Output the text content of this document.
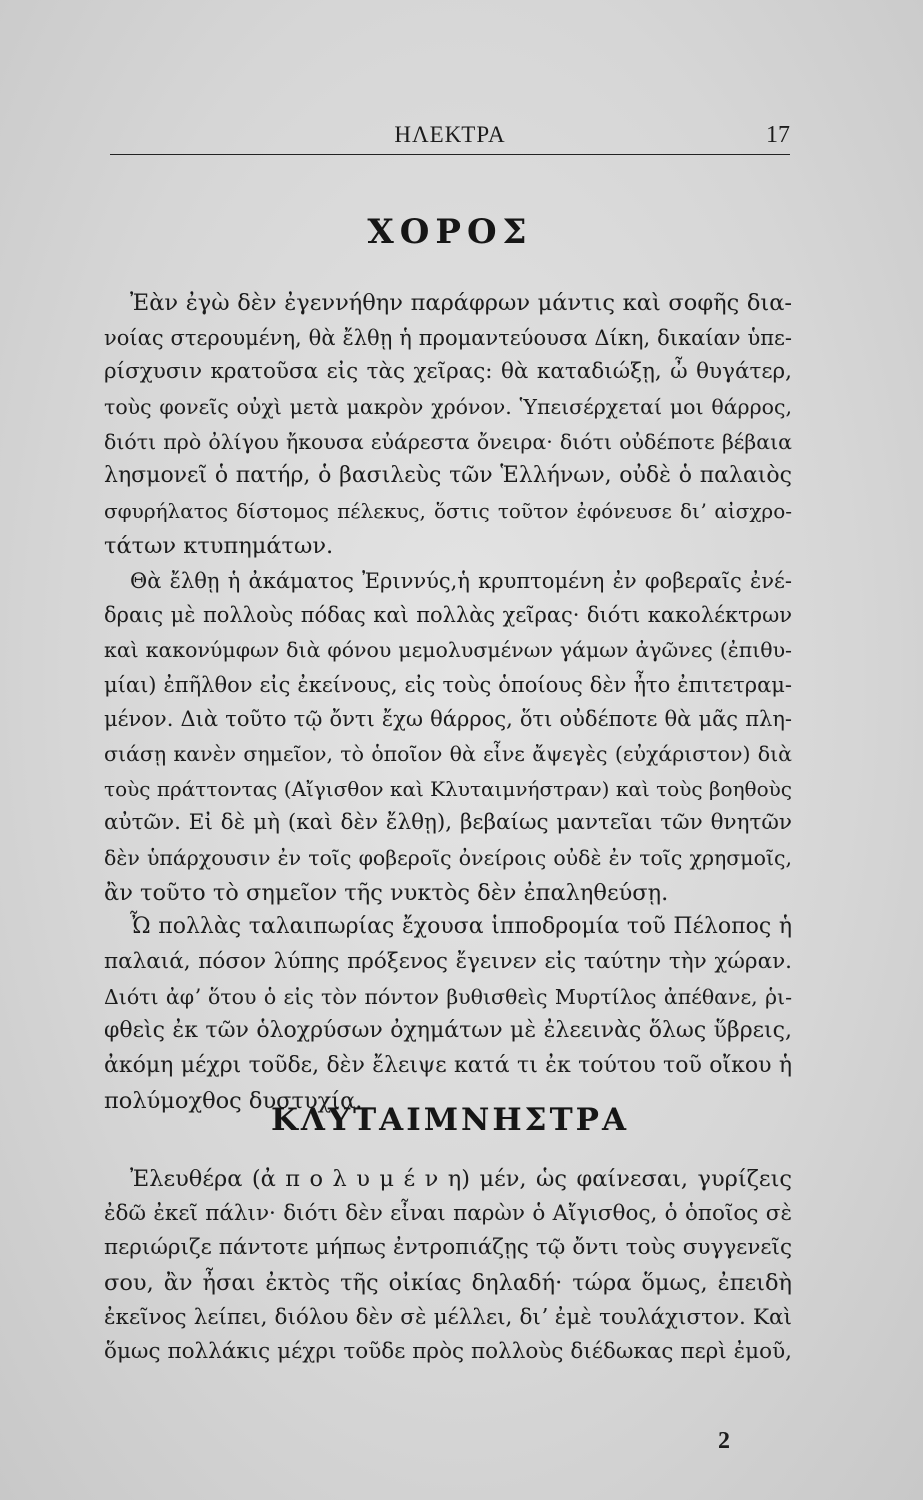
ΗΛΕΚΤΡΑ	17
ΧΟΡΟΣ
Ἐὰν ἐγὼ δὲν ἐγεννήθην παράφρων μάντις καὶ σοφῆς δια-
νοίας στερουμένη, θὰ ἔλθῃ ἡ προμαντεύουσα Δίκη, δικαίαν ὑπε-
ρίσχυσιν κρατοῦσα εἰς τὰς χεῖρας: θὰ καταδιώξῃ, ὦ θυγάτερ,
τοὺς φονεῖς οὐχὶ μετὰ μακρὸν χρόνον. Ὑπεισέρχεταί μοι θάρρος,
διότι πρὸ ὀλίγου ἤκουσα εὐάρεστα ὄνειρα· διότι οὐδέποτε βέβαια
λησμονεῖ ὁ πατήρ, ὁ βασιλεὺς τῶν Ἑλλήνων, οὐδὲ ὁ παλαιὸς
σφυρήλατος δίστομος πέλεκυς, ὅστις τοῦτον ἐφόνευσε διʼ αἰσχρο-
τάτων κτυπημάτων.
Θὰ ἔλθῃ ἡ ἀκάματος Ἐριννύς,ἡ κρυπτομένη ἐν φοβεραῖς ἐνέ-
δραις μὲ πολλοὺς πόδας καὶ πολλὰς χεῖρας· διότι κακολέκτρων
καὶ κακονύμφων διὰ φόνου μεμολυσμένων γάμων ἀγῶνες (ἐπιθυ-
μίαι) ἐπῆλθον εἰς ἐκείνους, εἰς τοὺς ὁποίους δὲν ἦτο ἐπιτετραμ-
μένον. Διὰ τοῦτο τῷ ὄντι ἔχω θάρρος, ὅτι οὐδέποτε θὰ μᾶς πλη-
σιάσῃ κανὲν σημεῖον, τὸ ὁποῖον θὰ εἶνε ἄψεγὲς (εὐχάριστον) διὰ
τοὺς πράττοντας (Αἴγισθον καὶ Κλυταιμνήστραν) καὶ τοὺς βοηθοὺς
αὐτῶν. Εἰ δὲ μὴ (καὶ δὲν ἔλθῃ), βεβαίως μαντεῖαι τῶν θνητῶν
δὲν ὑπάρχουσιν ἐν τοῖς φοβεροῖς ὀνείροις οὐδὲ ἐν τοῖς χρησμοῖς,
ἂν τοῦτο τὸ σημεῖον τῆς νυκτὸς δὲν ἐπαληθεύσῃ.
Ὦ πολλὰς ταλαιπωρίας ἔχουσα ἱπποδρομία τοῦ Πέλοπος ἡ
παλαιά, πόσον λύπης πρόξενος ἔγεινεν εἰς ταύτην τὴν χώραν.
Διότι ἀφʼ ὅτου ὁ εἰς τὸν πόντον βυθισθεὶς Μυρτίλος ἀπέθανε, ῥι-
φθεὶς ἐκ τῶν ὁλοχρύσων ὀχημάτων μὲ ἐλεεινὰς ὅλως ὕβρεις,
ἀκόμη μέχρι τοῦδε, δὲν ἔλειψε κατά τι ἐκ τούτου τοῦ οἴκου ἡ
πολύμοχθος δυστυχία.
ΚΛΥΤΑΙΜΝΗΣΤΡΑ
Ἐλευθέρα (ἀ π ο λ υ μ έ ν η) μέν, ὡς φαίνεσαι, γυρίζεις
ἐδῶ ἐκεῖ πάλιν· διότι δὲν εἶναι παρὼν ὁ Αἴγισθος, ὁ ὁποῖος σὲ
περιώριζε πάντοτε μήπως ἐντροπιάζῃς τῷ ὄντι τοὺς συγγενεῖς
σου, ἂν ἦσαι ἐκτὸς τῆς οἰκίας δηλαδή· τώρα ὅμως, ἐπειδὴ
ἐκεῖνος λείπει, διόλου δὲν σὲ μέλλει, διʼ ἐμὲ τουλάχιστον. Καὶ
ὅμως πολλάκις μέχρι τοῦδε πρὸς πολλοὺς διέδωκας περὶ ἐμοῦ,
2
